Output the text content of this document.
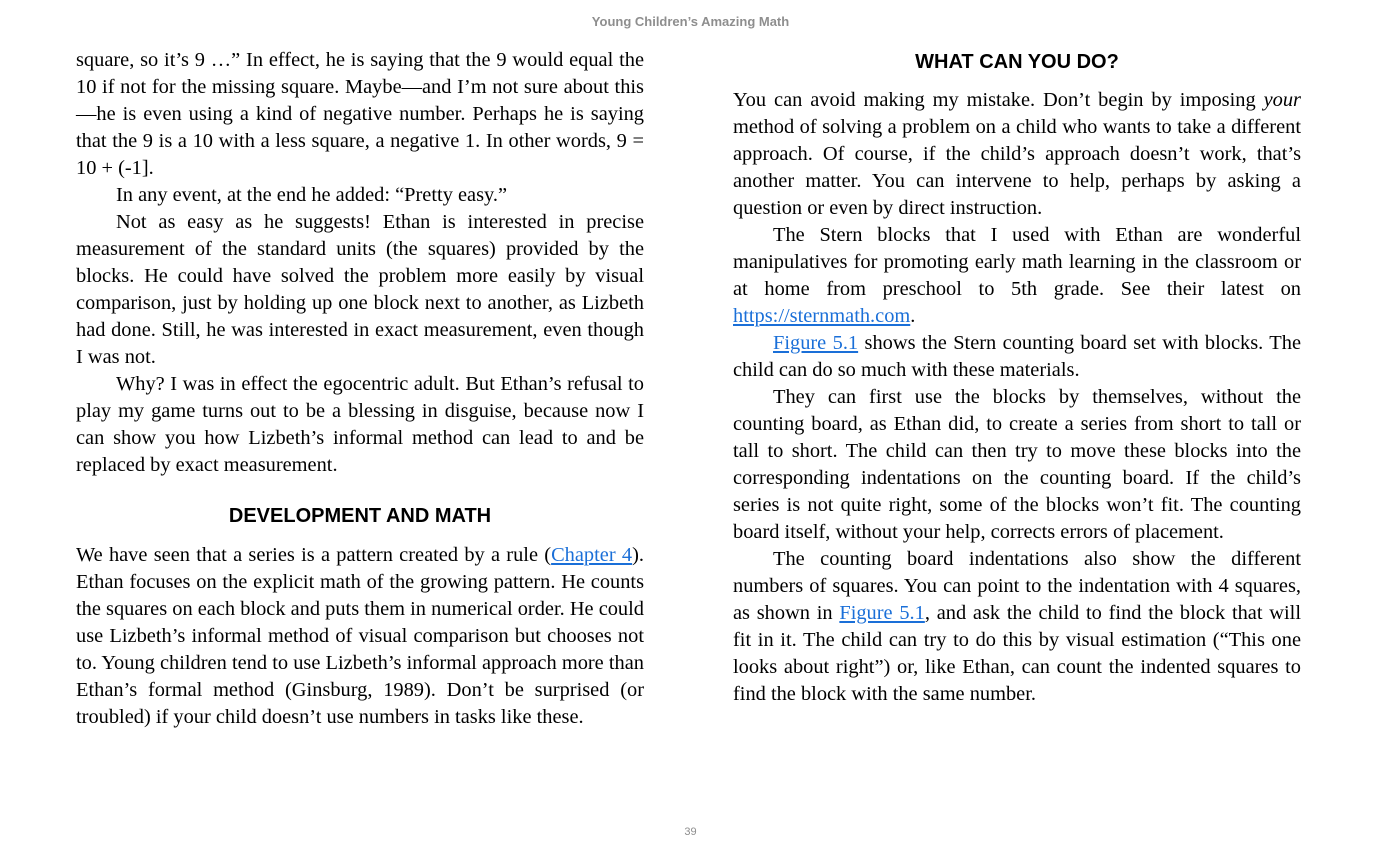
Young Children’s Amazing Math

square, so it’s 9 …” In effect, he is saying that the 9 would equal the 10 if not for the missing square. Maybe—and I’m not sure about this—he is even using a kind of negative number. Perhaps he is saying that the 9 is a 10 with a less square, a negative 1. In other words, 9 = 10 + (-1].

In any event, at the end he added: “Pretty easy.”

Not as easy as he suggests! Ethan is interested in precise measurement of the standard units (the squares) provided by the blocks. He could have solved the problem more easily by visual comparison, just by holding up one block next to another, as Lizbeth had done. Still, he was interested in exact measurement, even though I was not.

Why? I was in effect the egocentric adult. But Ethan’s refusal to play my game turns out to be a blessing in disguise, because now I can show you how Lizbeth’s informal method can lead to and be replaced by exact measurement.

DEVELOPMENT AND MATH

We have seen that a series is a pattern created by a rule (Chapter 4). Ethan focuses on the explicit math of the growing pattern. He counts the squares on each block and puts them in numerical order. He could use Lizbeth’s informal method of visual comparison but chooses not to. Young children tend to use Lizbeth’s informal approach more than Ethan’s formal method (Ginsburg, 1989). Don’t be surprised (or troubled) if your child doesn’t use numbers in tasks like these.

WHAT CAN YOU DO?

You can avoid making my mistake. Don’t begin by imposing your method of solving a problem on a child who wants to take a different approach. Of course, if the child’s approach doesn’t work, that’s another matter. You can intervene to help, perhaps by asking a question or even by direct instruction.

The Stern blocks that I used with Ethan are wonderful manipulatives for promoting early math learning in the classroom or at home from preschool to 5th grade. See their latest on https://sternmath.com.

Figure 5.1 shows the Stern counting board set with blocks. The child can do so much with these materials.

They can first use the blocks by themselves, without the counting board, as Ethan did, to create a series from short to tall or tall to short. The child can then try to move these blocks into the corresponding indentations on the counting board. If the child’s series is not quite right, some of the blocks won’t fit. The counting board itself, without your help, corrects errors of placement.

The counting board indentations also show the different numbers of squares. You can point to the indentation with 4 squares, as shown in Figure 5.1, and ask the child to find the block that will fit in it. The child can try to do this by visual estimation (“This one looks about right”) or, like Ethan, can count the indented squares to find the block with the same number.

39
